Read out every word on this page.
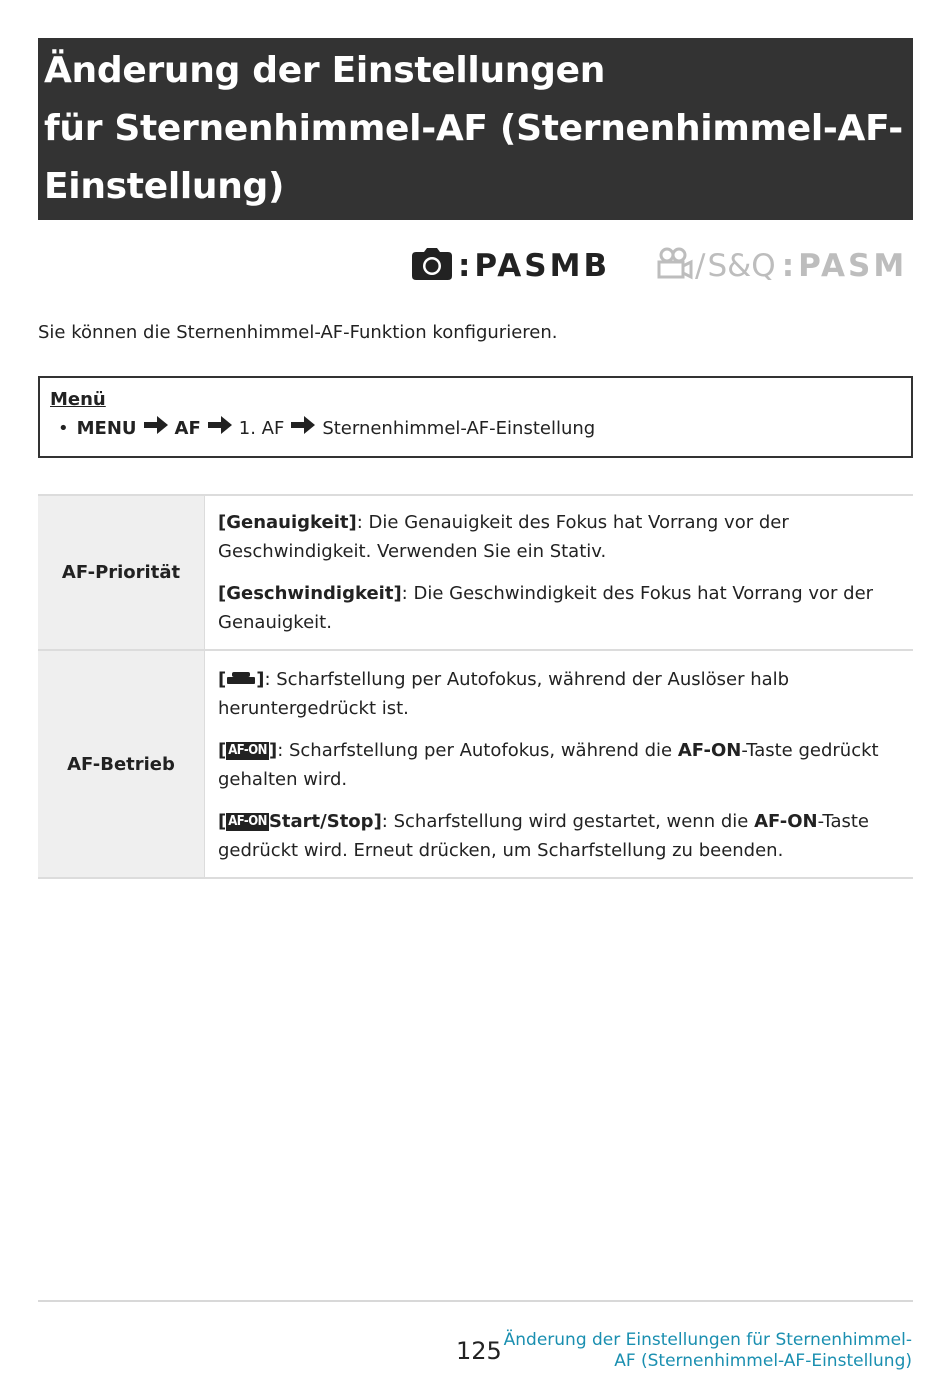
Änderung der Einstellungen
für Sternenhimmel-AF (Sternenhimmel-AF-
Einstellung)
: PASMB	/ S&Q : PASM
Sie können die Sternenhimmel-AF-Funktion konfigurieren.
Menü
• MENU AF 1. AF Sternenhimmel-AF-Einstellung
AF-Priorität	[Genauigkeit]: Die Genauigkeit des Fokus hat Vorrang vor der Geschwindigkeit. Verwenden Sie ein Stativ.

[Geschwindigkeit]: Die Geschwindigkeit des Fokus hat Vorrang vor der Genauigkeit.

AF-Betrieb	[ ]: Scharfstellung per Autofokus, während der Auslöser halb heruntergedrückt ist.

[ AF-ON ]: Scharfstellung per Autofokus, während die AF-ON-Taste gedrückt gehalten wird.

[ AF-ON Start/Stop]: Scharfstellung wird gestartet, wenn die AF-ON-Taste gedrückt wird. Erneut drücken, um Scharfstellung zu beenden.

125 Änderung der Einstellungen für Sternenhimmel-
AF (Sternenhimmel-AF-Einstellung)
